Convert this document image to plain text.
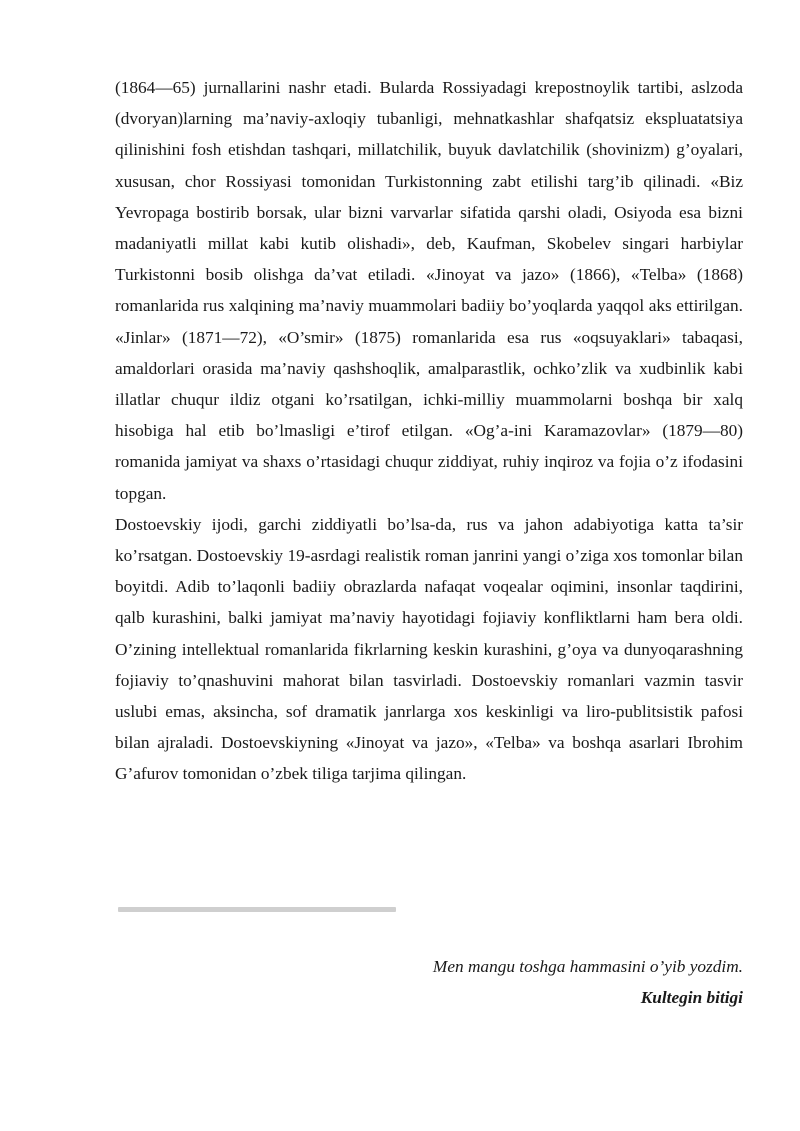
(1864—65) jurnallarini nashr etadi. Bularda Rossiyadagi krepostnoylik tartibi, aslzoda (dvoryan)larning ma’naviy-axloqiy tubanligi, mehnatkashlar shafqatsiz ekspluatatsiya qilinishini fosh etishdan tashqari, millatchilik, buyuk davlatchilik (shovinizm) g’oyalari, xususan, chor Rossiyasi tomonidan Turkistonning zabt etilishi targ’ib qilinadi. «Biz Yevropaga bostirib borsak, ular bizni varvarlar sifatida qarshi oladi, Osiyoda esa bizni madaniyatli millat kabi kutib olishadi», deb, Kaufman, Skobelev singari harbiylar Turkistonni bosib olishga da’vat etiladi. «Jinoyat va jazo» (1866), «Telba» (1868) romanlarida rus xalqining ma’naviy muammolari badiiy bo’yoqlarda yaqqol aks ettirilgan. «Jinlar» (1871—72), «O’smir» (1875) romanlarida esa rus «oqsuyaklari» tabaqasi, amaldorlari orasida ma’naviy qashshoqlik, amalparastlik, ochko’zlik va xudbinlik kabi illatlar chuqur ildiz otgani ko’rsatilgan, ichki-milliy muammolarni boshqa bir xalq hisobiga hal etib bo’lmasligi e’tirof etilgan. «Og’a-ini Karamazovlar» (1879—80) romanida jamiyat va shaxs o’rtasidagi chuqur ziddiyat, ruhiy inqiroz va fojia o’z ifodasini topgan.

Dostoevskiy ijodi, garchi ziddiyatli bo’lsa-da, rus va jahon adabiyotiga katta ta’sir ko’rsatgan. Dostoevskiy 19-asrdagi realistik roman janrini yangi o’ziga xos tomonlar bilan boyitdi. Adib to’laqonli badiiy obrazlarda nafaqat voqealar oqimini, insonlar taqdirini, qalb kurashini, balki jamiyat ma’naviy hayotidagi fojiaviy konfliktlarni ham bera oldi. O’zining intellektual romanlarida fikrlarning keskin kurashini, g’oya va dunyoqarashning fojiaviy to’qnashuvini mahorat bilan tasvirladi. Dostoevskiy romanlari vazmin tasvir uslubi emas, aksincha, sof dramatik janrlarga xos keskinligi va liro-publitsistik pafosi bilan ajraladi. Dostoevskiyning «Jinoyat va jazo», «Telba» va boshqa asarlari Ibrohim G’afurov tomonidan o’zbek tiliga tarjima qilingan.

Men mangu toshga hammasini o’yib yozdim.
Kultegin bitigi
